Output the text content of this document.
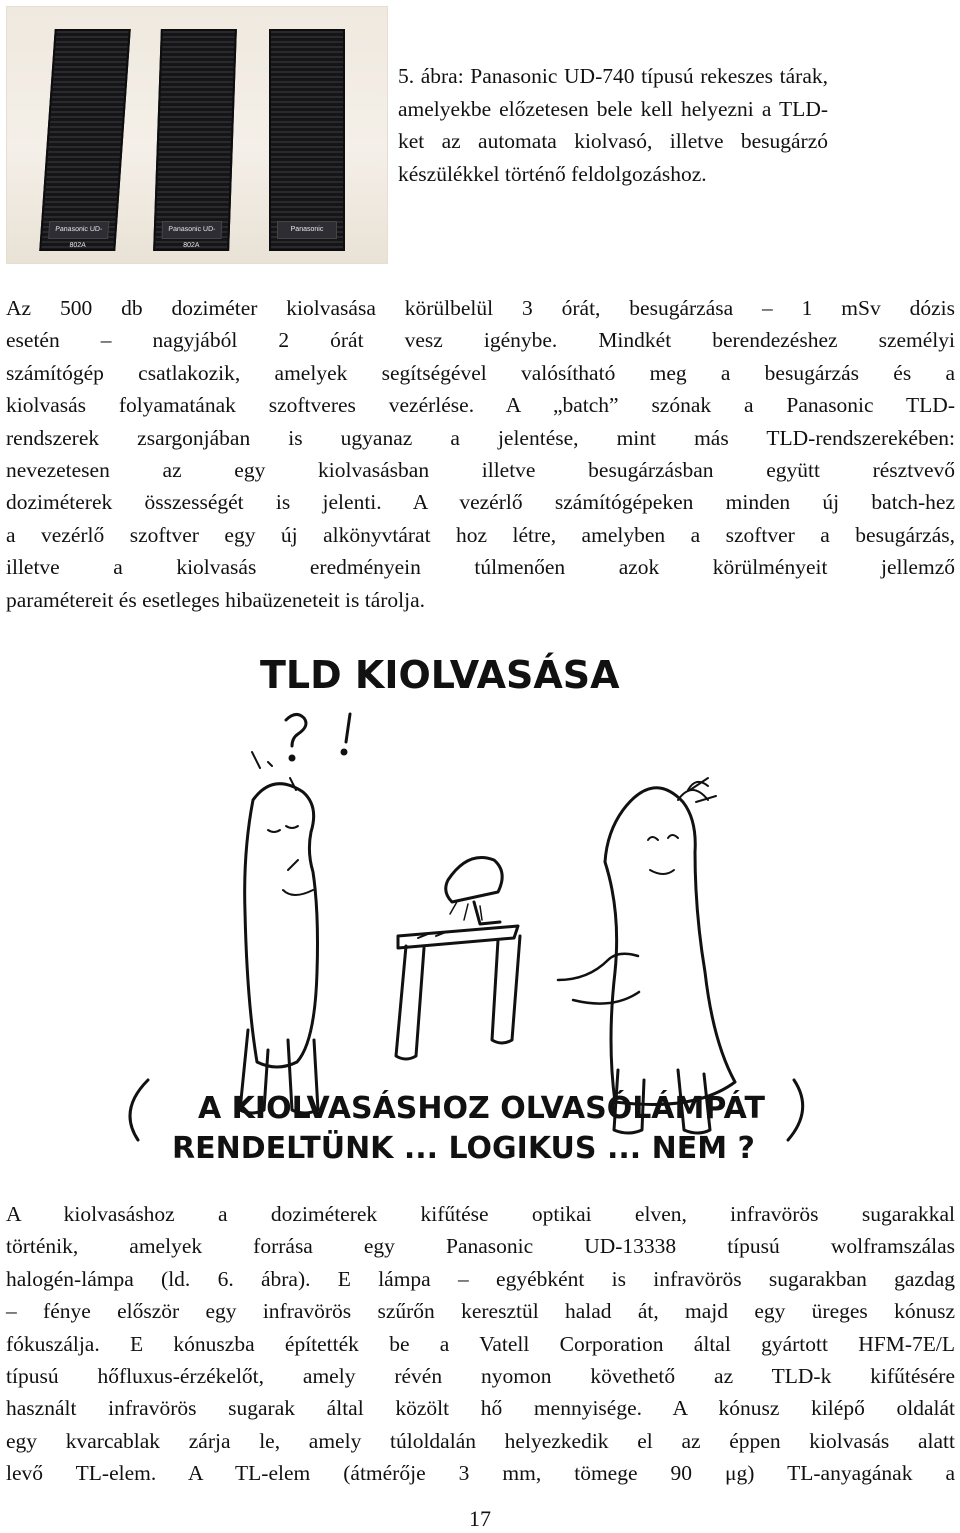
Panasonic UD-802A
Panasonic UD-802A
Panasonic

5. ábra: Panasonic UD-740 típusú rekeszes tárak, amelyekbe előzetesen bele kell helyezni a TLD-ket az automata kiolvasó, illetve besugárzó készülékkel történő feldolgozáshoz.

Az 500 db doziméter kiolvasása körülbelül 3 órát, besugárzása – 1 mSv dózis
esetén – nagyjából 2 órát vesz igénybe. Mindkét berendezéshez személyi
számítógép csatlakozik, amelyek segítségével valósítható meg a besugárzás és a
kiolvasás folyamatának szoftveres vezérlése. A „batch” szónak a Panasonic TLD-
rendszerek zsargonjában is ugyanaz a jelentése, mint más TLD-rendszerekében:
nevezetesen az egy kiolvasásban illetve besugárzásban együtt résztvevő
doziméterek összességét is jelenti. A vezérlő számítógépeken minden új batch-hez
a vezérlő szoftver egy új alkönyvtárat hoz létre, amelyben a szoftver a besugárzás,
illetve a kiolvasás eredményein túlmenően azok körülményeit jellemző
paramétereit és esetleges hibaüzeneteit is tárolja.
TLD KIOLVASÁSA
A KIOLVASÁSHOZ OLVASÓLÁMPÁT
RENDELTÜNK ... LOGIKUS ... NEM ?
A kiolvasáshoz a doziméterek kifűtése optikai elven, infravörös sugarakkal
történik, amelyek forrása egy Panasonic UD-13338 típusú wolframszálas
halogén-lámpa (ld. 6. ábra). E lámpa – egyébként is infravörös sugarakban gazdag
– fénye először egy infravörös szűrőn keresztül halad át, majd egy üreges kónusz
fókuszálja. E kónuszba építették be a Vatell Corporation által gyártott HFM-7E/L
típusú hőfluxus-érzékelőt, amely révén nyomon követhető az TLD-k kifűtésére
használt infravörös sugarak által közölt hő mennyisége. A kónusz kilépő oldalát
egy kvarcablak zárja le, amely túloldalán helyezkedik el az éppen kiolvasás alatt
levő TL-elem. A TL-elem (átmérője 3 mm, tömege 90 μg) TL-anyagának a
17
